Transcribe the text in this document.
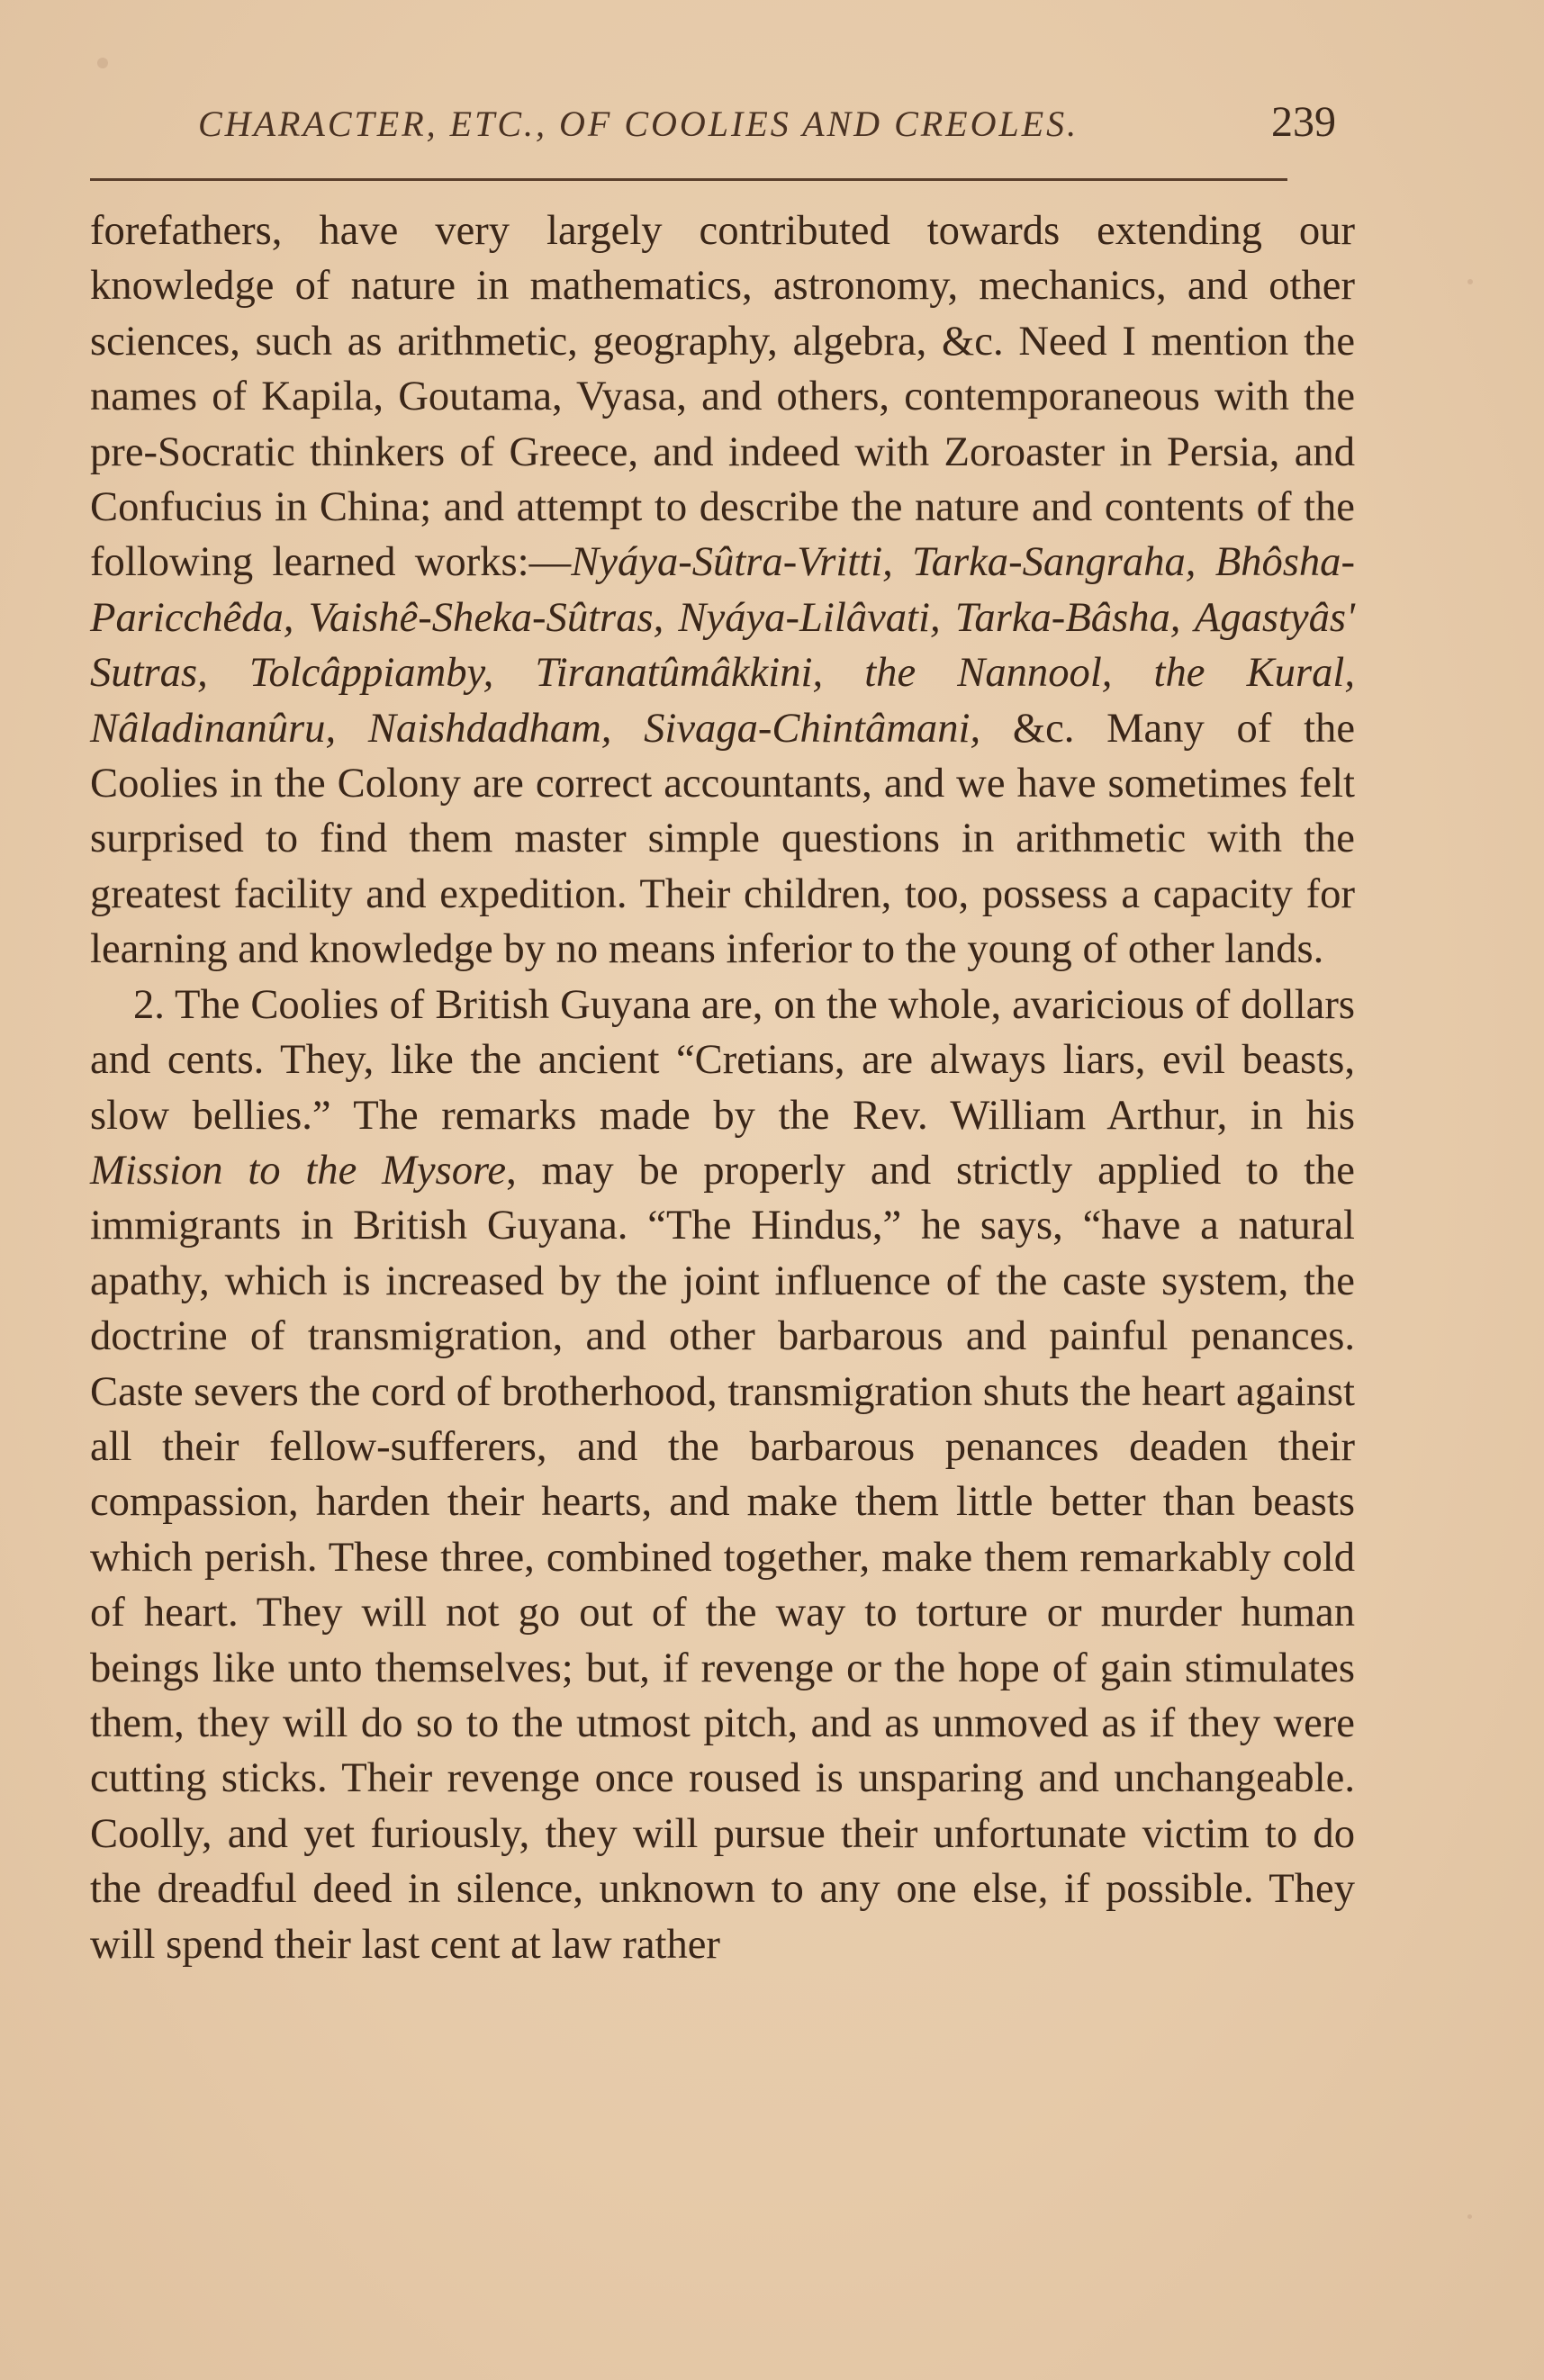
CHARACTER, ETC., OF COOLIES AND CREOLES.	239

forefathers, have very largely contributed towards extending our knowledge of nature in mathematics, astronomy, mechanics, and other sciences, such as arithmetic, geography, algebra, &c. Need I mention the names of Kapila, Goutama, Vyasa, and others, contemporaneous with the pre-Socratic thinkers of Greece, and indeed with Zoroaster in Persia, and Confucius in China; and attempt to describe the nature and contents of the following learned works:—Nyáya-Sûtra-Vritti, Tarka-Sangraha, Bhôsha-Paricchêda, Vaishê-Sheka-Sûtras, Nyáya-Lilâvati, Tarka-Bâsha, Agastyâs' Sutras, Tolcâppiamby, Tiranatûmâkkini, the Nannool, the Kural, Nâladinanûru, Naishdadham, Sivaga-Chintâmani, &c. Many of the Coolies in the Colony are correct accountants, and we have sometimes felt surprised to find them master simple questions in arithmetic with the greatest facility and expedition. Their children, too, possess a capacity for learning and knowledge by no means inferior to the young of other lands.

2. The Coolies of British Guyana are, on the whole, avaricious of dollars and cents. They, like the ancient “Cretians, are always liars, evil beasts, slow bellies.” The remarks made by the Rev. William Arthur, in his Mission to the Mysore, may be properly and strictly applied to the immigrants in British Guyana. “The Hindus,” he says, “have a natural apathy, which is increased by the joint influence of the caste system, the doctrine of transmigration, and other barbarous and painful penances. Caste severs the cord of brotherhood, transmigration shuts the heart against all their fellow-sufferers, and the barbarous penances deaden their compassion, harden their hearts, and make them little better than beasts which perish. These three, combined together, make them remarkably cold of heart. They will not go out of the way to torture or murder human beings like unto themselves; but, if revenge or the hope of gain stimulates them, they will do so to the utmost pitch, and as unmoved as if they were cutting sticks. Their revenge once roused is unsparing and unchangeable. Coolly, and yet furiously, they will pursue their unfortunate victim to do the dreadful deed in silence, unknown to any one else, if possible. They will spend their last cent at law rather
